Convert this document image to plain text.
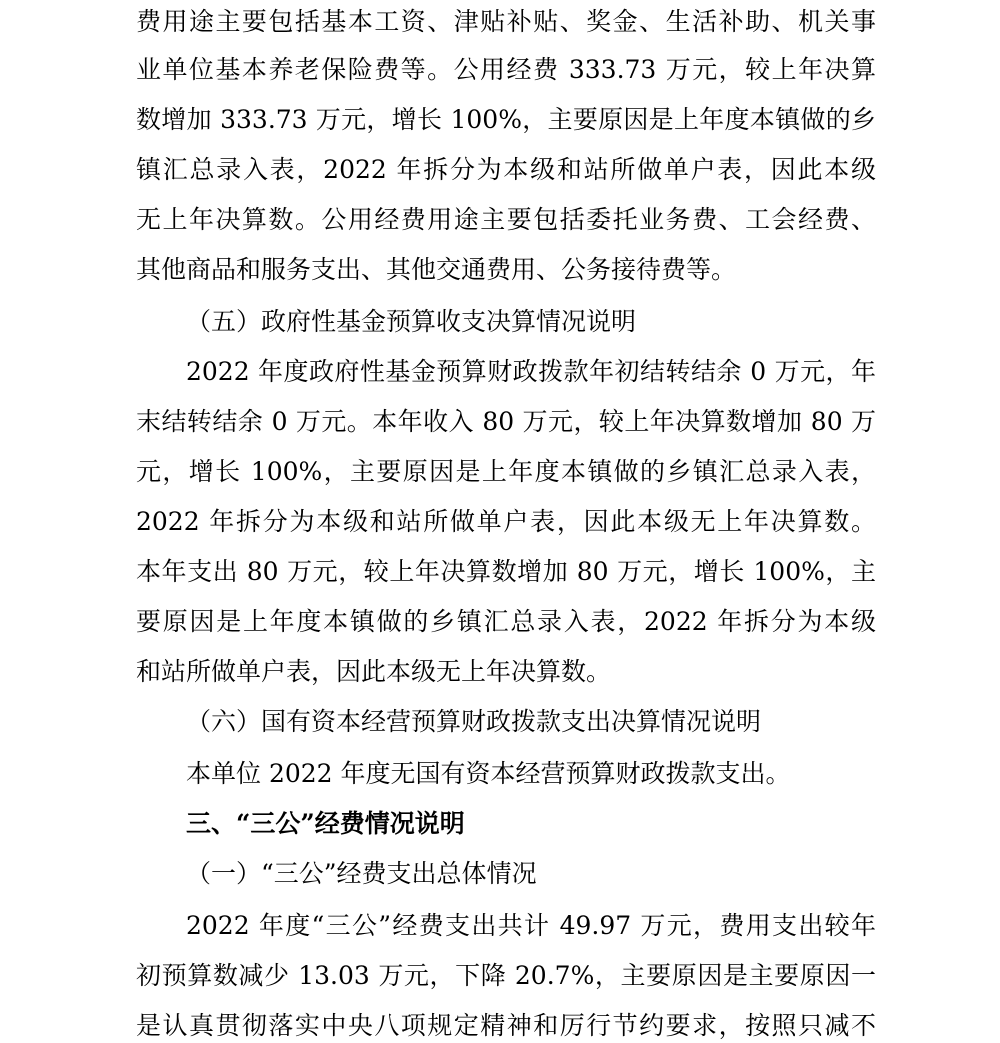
费用途主要包括基本工资、津贴补贴、奖金、生活补助、机关事
业单位基本养老保险费等。公用经费 333.73 万元，较上年决算
数增加 333.73 万元，增长 100%，主要原因是上年度本镇做的乡
镇汇总录入表，2022 年拆分为本级和站所做单户表，因此本级
无上年决算数。公用经费用途主要包括委托业务费、工会经费、
其他商品和服务支出、其他交通费用、公务接待费等。
（五）政府性基金预算收支决算情况说明
2022 年度政府性基金预算财政拨款年初结转结余 0 万元，年
末结转结余 0 万元。本年收入 80 万元，较上年决算数增加 80 万
元，增长 100%，主要原因是上年度本镇做的乡镇汇总录入表，
2022 年拆分为本级和站所做单户表，因此本级无上年决算数。
本年支出 80 万元，较上年决算数增加 80 万元，增长 100%，主
要原因是上年度本镇做的乡镇汇总录入表，2022 年拆分为本级
和站所做单户表，因此本级无上年决算数。
（六）国有资本经营预算财政拨款支出决算情况说明
本单位 2022 年度无国有资本经营预算财政拨款支出。
三、“三公”经费情况说明
（一）“三公”经费支出总体情况
2022 年度“三公”经费支出共计 49.97 万元，费用支出较年
初预算数减少 13.03 万元，下降 20.7%，主要原因是主要原因一
是认真贯彻落实中央八项规定精神和厉行节约要求，按照只减不
